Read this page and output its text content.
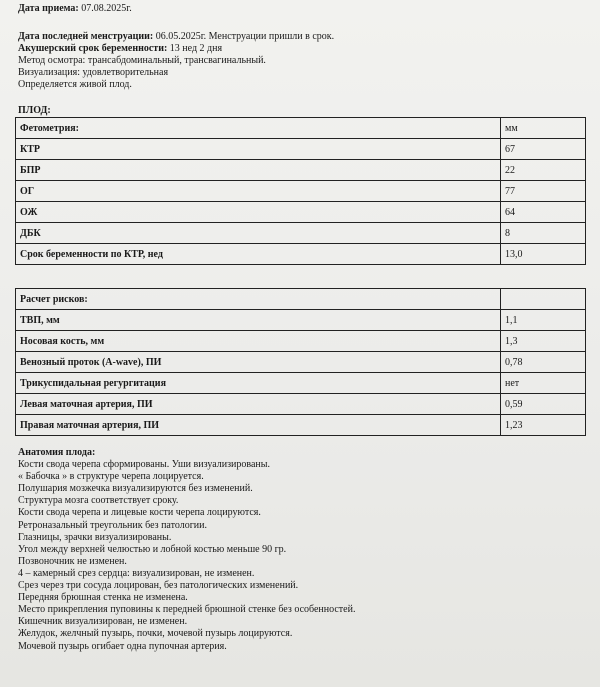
Дата приема: 07.08.2025г.
Дата последней менструации: 06.05.2025г. Менструации пришли в срок.
Акушерский срок беременности: 13 нед 2 дня
Метод осмотра: трансабдоминальный, трансвагинальный.
Визуализация: удовлетворительная
Определяется живой плод.
ПЛОД:
Фетометрия:	мм
КТР	67
БПР	22
ОГ	77
ОЖ	64
ДБК	8
Срок беременности по КТР, нед	13,0
Расчет рисков:	
ТВП, мм	1,1
Носовая кость, мм	1,3
Венозный проток (A-wave), ПИ	0,78
Трикуспидальная регургитация	нет
Левая маточная артерия, ПИ	0,59
Правая маточная артерия, ПИ	1,23
Анатомия плода:
Кости свода черепа сформированы. Уши визуализированы.
« Бабочка » в структуре черепа лоцируется.
Полушария мозжечка визуализируются без изменений.
Структура мозга соответствует сроку.
Кости свода черепа и лицевые кости черепа лоцируются.
Ретроназальный треугольник без патологии.
Глазницы, зрачки визуализированы.
Угол между верхней челюстью и лобной костью меньше 90 гр.
Позвоночник не изменен.
4 – камерный срез сердца: визуализирован, не изменен.
Срез через три сосуда лоцирован, без патологических изменений.
Передняя брюшная стенка не изменена.
Место прикрепления пуповины к передней брюшной стенке без особенностей.
Кишечник визуализирован, не изменен.
Желудок, желчный пузырь, почки, мочевой пузырь лоцируются.
Мочевой пузырь огибает одна пупочная артерия.
